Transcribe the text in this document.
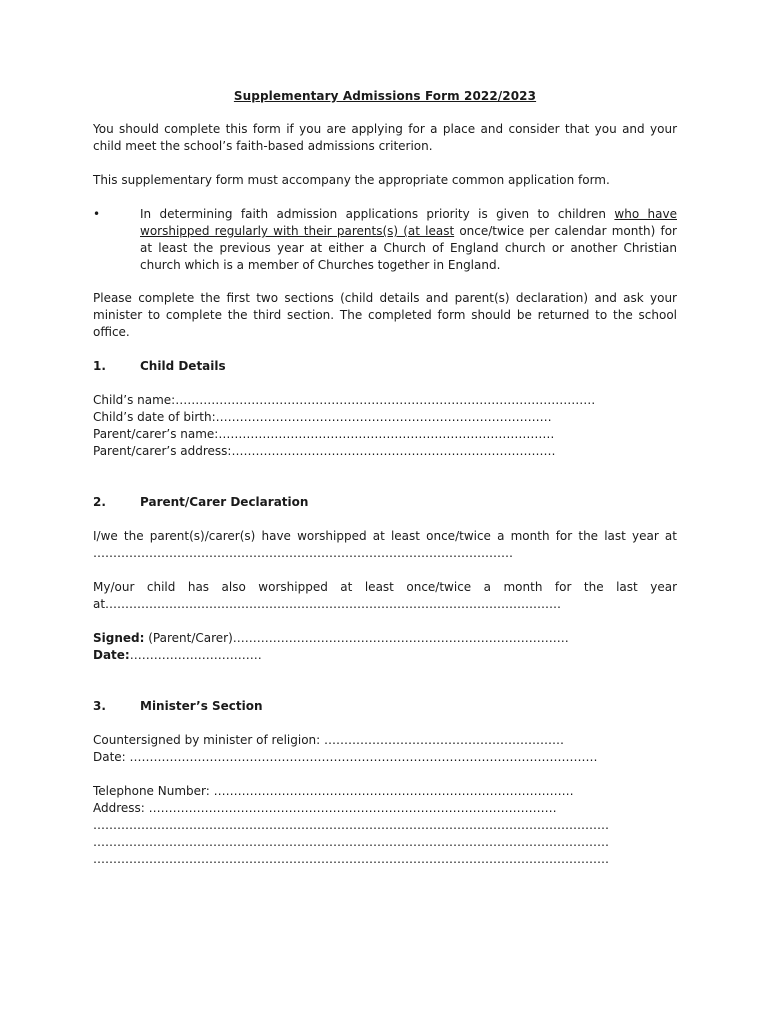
Supplementary Admissions Form 2022/2023

You should complete this form if you are applying for a place and consider that you and your child meet the school’s faith-based admissions criterion.

This supplementary form must accompany the appropriate common application form.

•	In determining faith admission applications priority is given to children who have worshipped regularly with their parents(s) (at least once/twice per calendar month) for at least the previous year at either a Church of England church or another Christian church which is a member of Churches together in England.

Please complete the first two sections (child details and parent(s) declaration) and ask your minister to complete the third section. The completed form should be returned to the school office.

1.	Child Details
Child’s name:……………………………………………………………………………………………
Child’s date of birth:…………………………………………………………………………
Parent/carer’s name:…………………………………………………………………………
Parent/carer’s address:………………………………………………………………………
2.	Parent/Carer Declaration
I/we the parent(s)/carer(s) have worshipped at least once/twice a month for the last year at
……………………………………………………………………………………………
My/our child has also worshipped at least once/twice a month for the last year
at……………………………………………………………………………………………………
Signed: (Parent/Carer)…………………………………………………………………………
Date:……………………………
3.	Minister’s Section
Countersigned by minister of religion: ……………………………………………………
Date: ………………………………………………………………………………………………………
Telephone Number: ………………………………………………………………………………
Address: …………………………………………………………………………………………
…………………………………………………………………………………………………………………
…………………………………………………………………………………………………………………
…………………………………………………………………………………………………………………
